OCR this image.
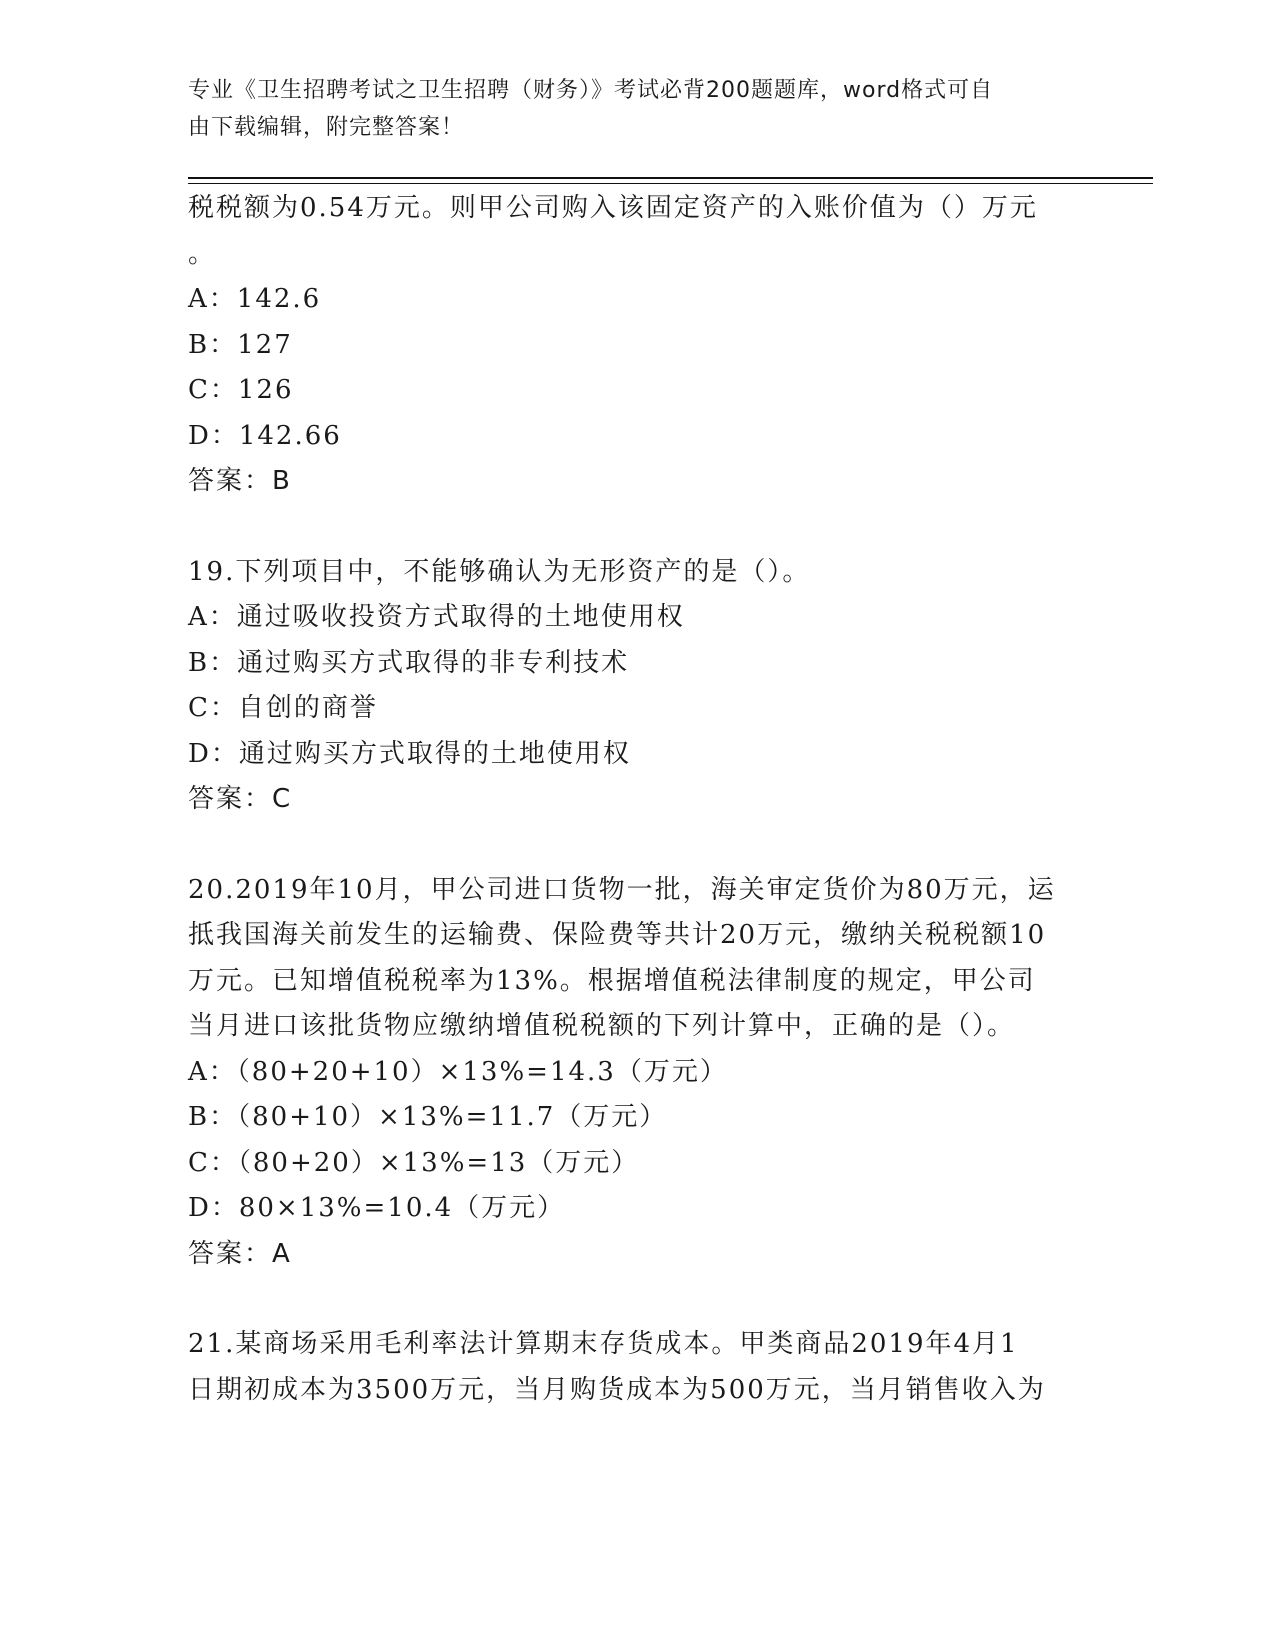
专业《卫生招聘考试之卫生招聘（财务）》考试必背200题题库，word格式可自
由下载编辑，附完整答案！
税税额为0.54万元。则甲公司购入该固定资产的入账价值为（）万元
。
A：142.6
B：127
C：126
D：142.66
答案：B
19.下列项目中，不能够确认为无形资产的是（）。
A：通过吸收投资方式取得的土地使用权
B：通过购买方式取得的非专利技术
C：自创的商誉
D：通过购买方式取得的土地使用权
答案：C
20.2019年10月，甲公司进口货物一批，海关审定货价为80万元，运
抵我国海关前发生的运输费、保险费等共计20万元，缴纳关税税额10
万元。已知增值税税率为13%。根据增值税法律制度的规定，甲公司
当月进口该批货物应缴纳增值税税额的下列计算中，正确的是（）。
A：（80+20+10）×13%=14.3（万元）
B：（80+10）×13%=11.7（万元）
C：（80+20）×13%=13（万元）
D：80×13%=10.4（万元）
答案：A
21.某商场采用毛利率法计算期末存货成本。甲类商品2019年4月1
日期初成本为3500万元，当月购货成本为500万元，当月销售收入为
